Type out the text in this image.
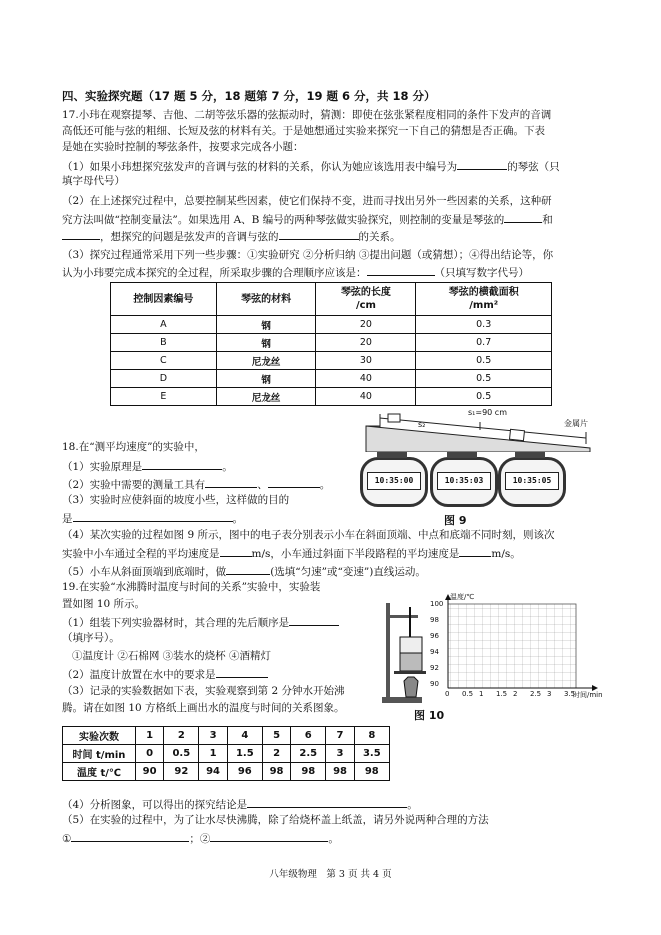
四、实验探究题（17 题 5 分，18 题第 7 分，19 题 6 分，共 18 分）
17.小玮在观察提琴、吉他、二胡等弦乐器的弦振动时，猜测：即使在弦张紧程度相同的条件下发声的音调
高低还可能与弦的粗细、长短及弦的材料有关。于是她想通过实验来探究一下自己的猜想是否正确。下表
是她在实验时控制的琴弦条件，按要求完成各小题：
（1）如果小玮想探究弦发声的音调与弦的材料的关系，你认为她应该选用表中编号为	的琴弦（只
填字母代号）
（2）在上述探究过程中，总要控制某些因素，使它们保持不变，进而寻找出另外一些因素的关系，这种研
究方法叫做“控制变量法”。如果选用 A、B 编号的两种琴弦做实验探究，则控制的变量是琴弦的	和
，想探究的问题是弦发声的音调与弦的	的关系。
（3）探究过程通常采用下列一些步骤：①实验研究 ②分析归纳 ③提出问题（或猜想）；④得出结论等，你
认为小玮要完成本探究的全过程，所采取步骤的合理顺序应该是：	（只填写数字代号）
控制因素编号	琴弦的材料	琴弦的长度
/cm	琴弦的横截面积
/mm²
A	钢	20	0.3
B	钢	20	0.7
C	尼龙丝	30	0.5
D	钢	40	0.5
E	尼龙丝	40	0.5
s₁=90 cm
s₂	金属片
10:35:00	10:35:03	10:35:05
图 9
18.在“测平均速度”的实验中，
（1）实验原理是	。
（2）实验中需要的测量工具有	、	。
（3）实验时应使斜面的坡度小些，这样做的目的
是	。
（4）某次实验的过程如图 9 所示，图中的电子表分别表示小车在斜面顶端、中点和底端不同时刻，则该次
实验中小车通过全程的平均速度是	m/s，小车通过斜面下半段路程的平均速度是	m/s。
（5）小车从斜面顶端到底端时，做	(选填“匀速”或“变速”)直线运动。
19.在实验“水沸腾时温度与时间的关系”实验中，实验装
置如图 10 所示。
（1）组装下列实验器材时，其合理的先后顺序是
（填序号）。
①温度计 ②石棉网 ③装水的烧杯 ④酒精灯
（2）温度计放置在水中的要求是
（3）记录的实验数据如下表，实验观察到第 2 分钟水开始沸
腾。请在如图 10 方格纸上画出水的温度与时间的关系图象。
温度/℃
时间/min
100
98
96
94
92
90
0 0.5 1 1.5 2 2.5 3 3.5
图 10
实验次数	1	2	3	4	5	6	7	8
时间 t/min	0	0.5	1	1.5	2	2.5	3	3.5
温度 t/℃	90	92	94	96	98	98	98	98
（4）分析图象，可以得出的探究结论是	。
（5）在实验的过程中，为了让水尽快沸腾，除了给烧杯盖上纸盖，请另外说两种合理的方法
①	；②	。
八年级物理　第 3 页 共 4 页
